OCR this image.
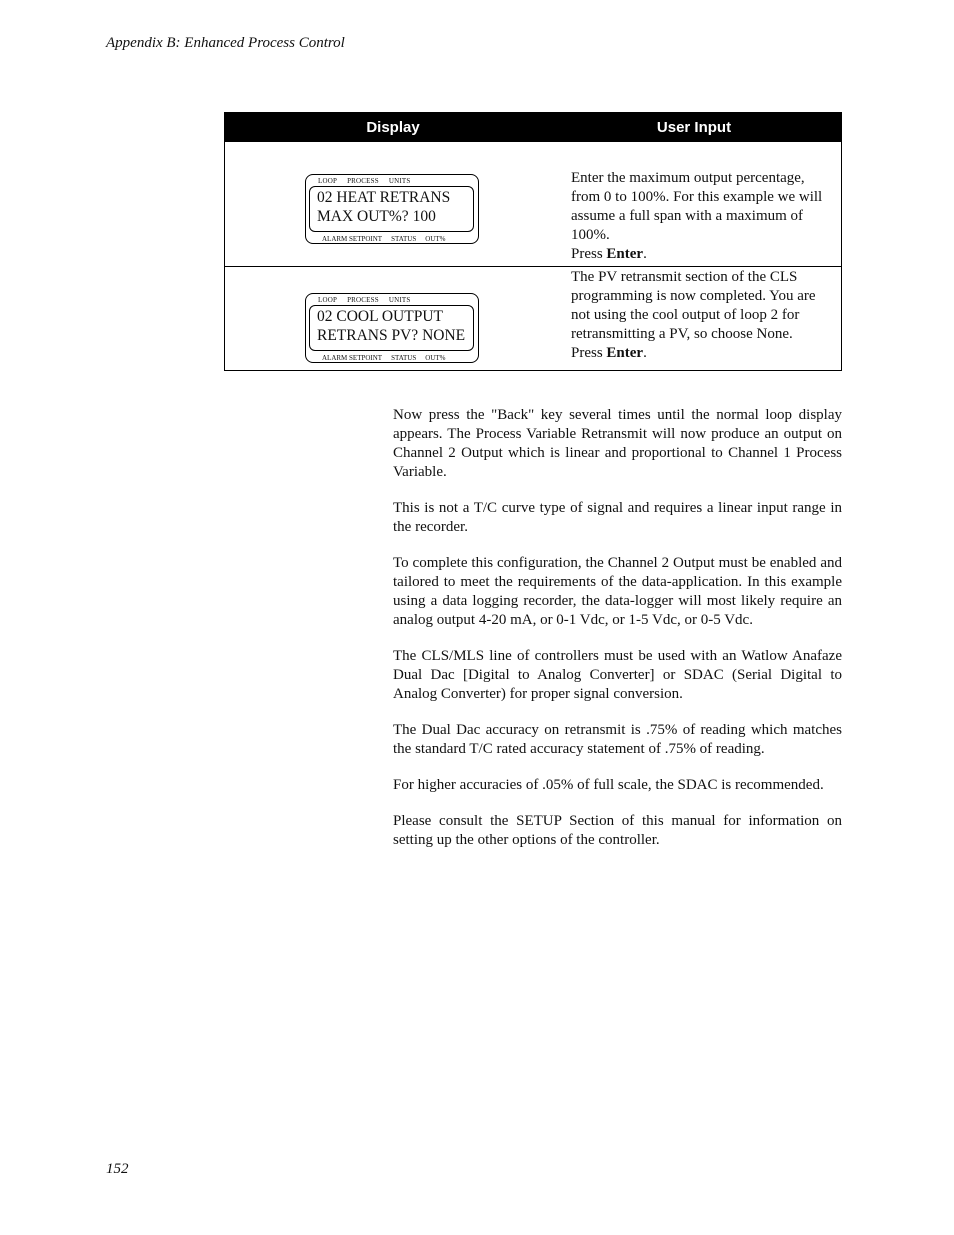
Appendix B: Enhanced Process Control
Display	User Input
LOOP PROCESS UNITS
02 HEAT RETRANS
MAX OUT%? 100
ALARM SETPOINT STATUS OUT%
Enter the maximum output percentage, from 0 to 100%. For this example we will assume a full span with a maximum of 100%.
Press Enter.
LOOP PROCESS UNITS
02 COOL OUTPUT
RETRANS PV? NONE
ALARM SETPOINT STATUS OUT%
The PV retransmit section of the CLS programming is now completed. You are not using the cool output of loop 2 for retransmitting a PV, so choose None.
Press Enter.

Now press the "Back" key several times until the normal loop display appears. The Process Variable Retransmit will now produce an output on Channel 2 Output which is linear and proportional to Channel 1 Process Variable.

This is not a T/C curve type of signal and requires a linear input range in the recorder.

To complete this configuration, the Channel 2 Output must be enabled and tailored to meet the requirements of the data-application. In this example using a data logging recorder, the data-logger will most likely require an analog output 4-20 mA, or 0-1 Vdc, or 1-5 Vdc, or 0-5 Vdc.

The CLS/MLS line of controllers must be used with an Watlow Anafaze Dual Dac [Digital to Analog Converter] or SDAC (Serial Digital to Analog Converter) for proper signal conversion.

The Dual Dac accuracy on retransmit is .75% of reading which matches the standard T/C rated accuracy statement of .75% of reading.

For higher accuracies of .05% of full scale, the SDAC is recommended.

Please consult the SETUP Section of this manual for information on setting up the other options of the controller.

152
